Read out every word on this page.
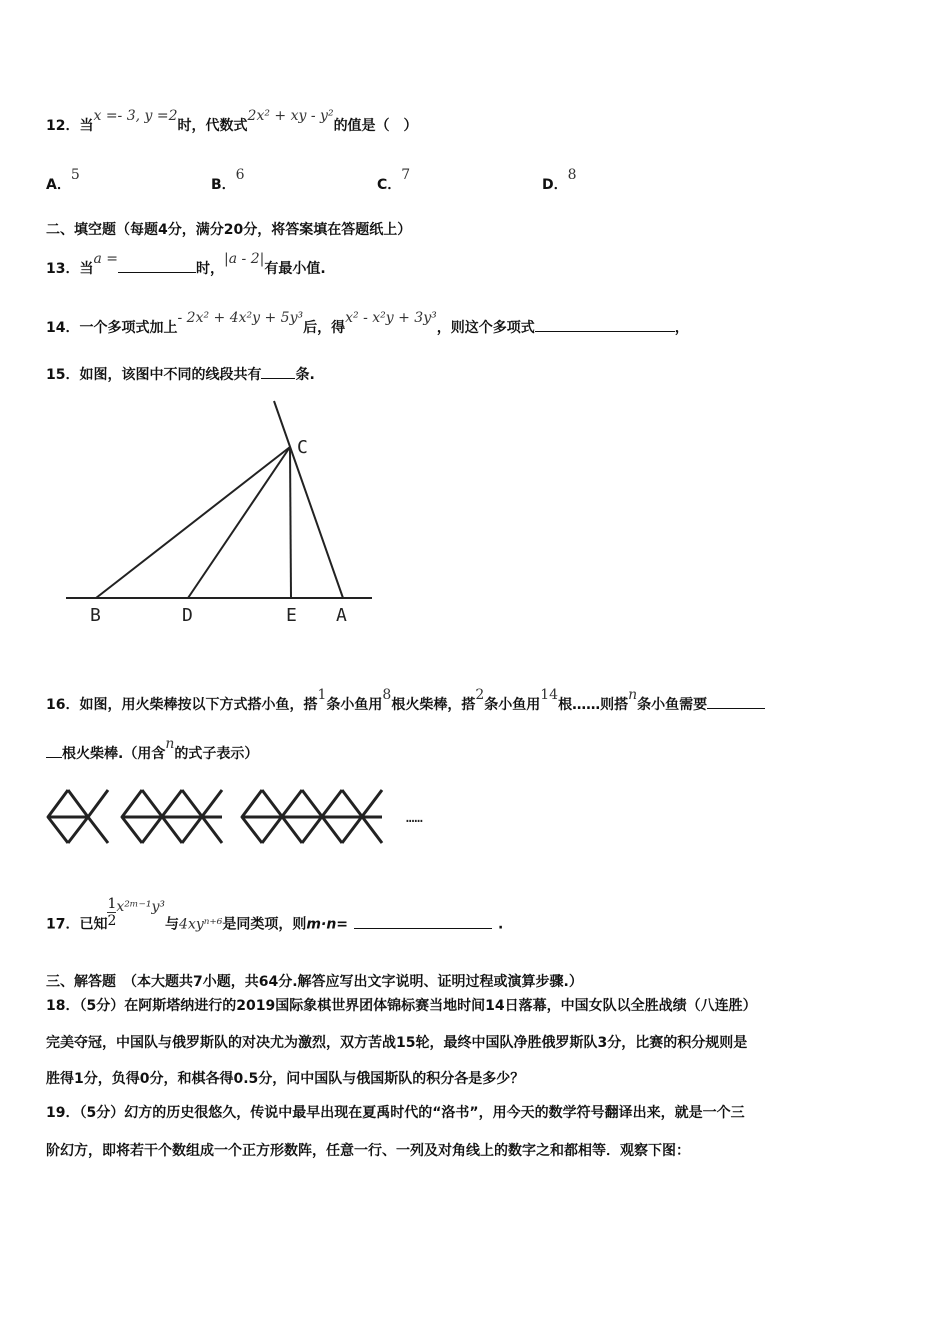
12．当x =- 3, y =2时，代数式2x² + xy - y²的值是（　）
A．5
B．6
C．7
D．8
二、填空题（每题4分，满分20分，将答案填在答题纸上）
13．当a =时，|a - 2|有最小值.
14．一个多项式加上- 2x² + 4x²y + 5y³后，得x² - x²y + 3y³，则这个多项式	，
15．如图，该图中不同的线段共有 条.
C
B	D	E A
16．如图，用火柴棒按以下方式搭小鱼，搭1条小鱼用8根火柴棒，搭2条小鱼用14根……则搭n条小鱼需要
根火柴棒.（用含n的式子表示）
……
17．已知 $\frac{1}{2}$ x²ᵐ⁻¹y³与4xyⁿ⁺⁶是同类项，则m·n=	.
三、解答题　（本大题共7小题，共64分.解答应写出文字说明、证明过程或演算步骤.）
18．（5分）在阿斯塔纳进行的2019国际象棋世界团体锦标赛当地时间14日落幕，中国女队以全胜战绩（八连胜）
完美夺冠，中国队与俄罗斯队的对决尤为激烈，双方苦战15轮，最终中国队净胜俄罗斯队3分，比赛的积分规则是
胜得1分，负得0分，和棋各得0.5分，问中国队与俄国斯队的积分各是多少？
19．（5分）幻方的历史很悠久，传说中最早出现在夏禹时代的“洛书”，用今天的数学符号翻译出来，就是一个三
阶幻方，即将若干个数组成一个正方形数阵，任意一行、一列及对角线上的数字之和都相等．观察下图：
